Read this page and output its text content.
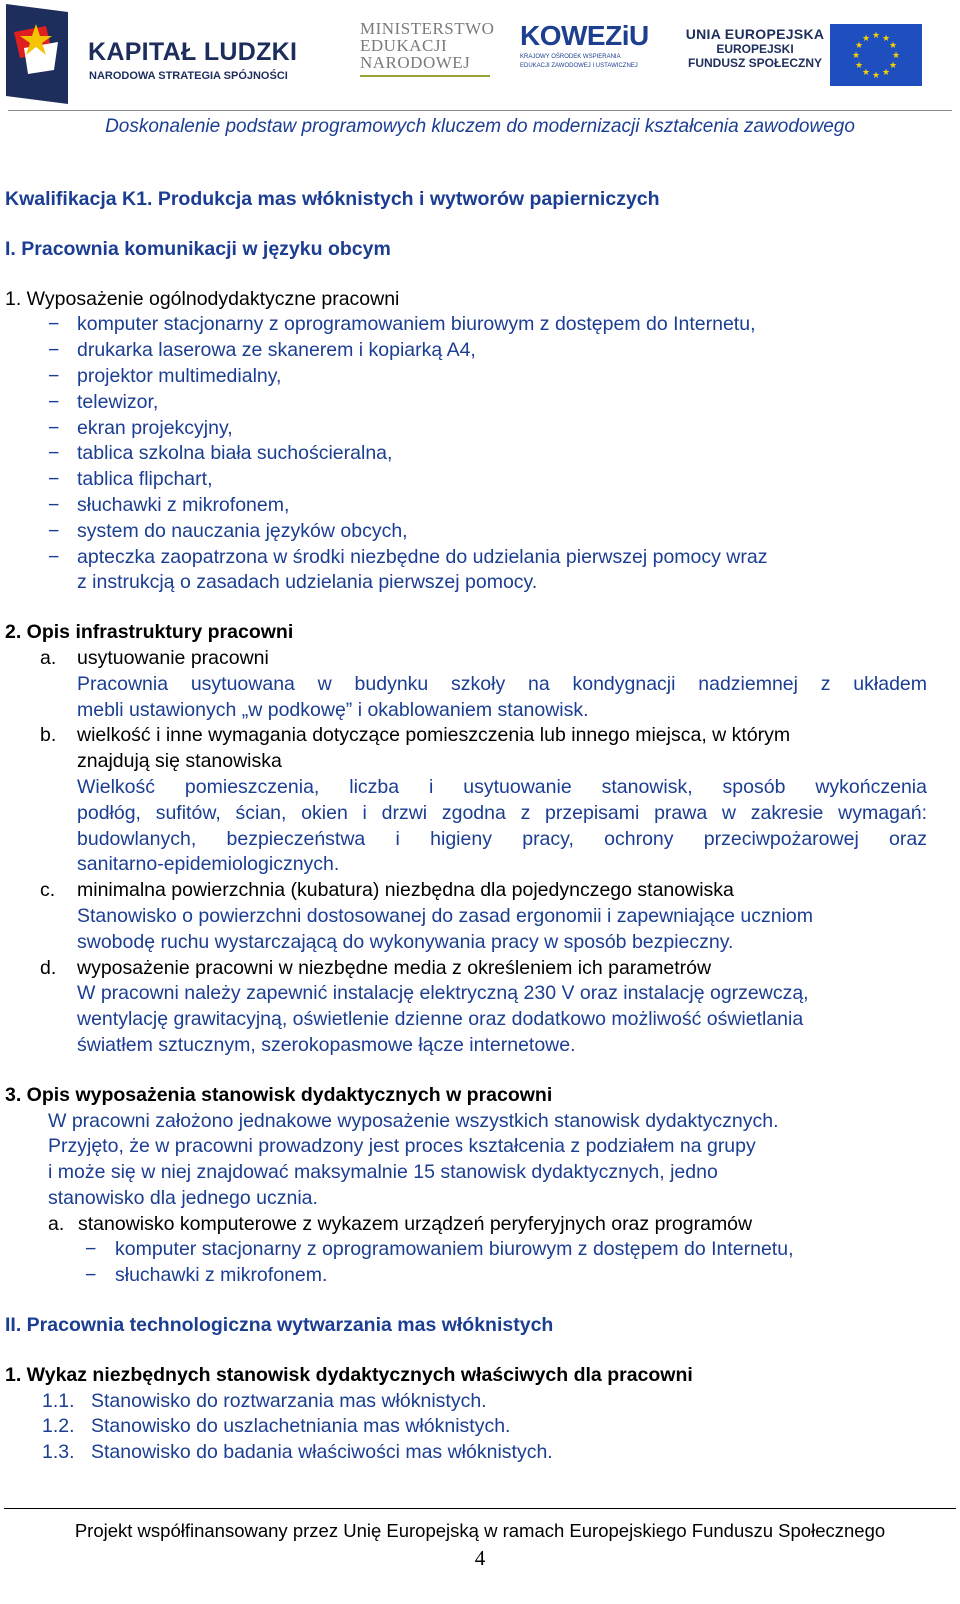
KAPITAŁ LUDZKI
NARODOWA STRATEGIA SPÓJNOŚCI
MINISTERSTWO
EDUKACJI
NARODOWEJ
KOWEZiU
KRAJOWY OŚRODEK WSPIERANIA
EDUKACJI ZAWODOWEJ I USTAWICZNEJ
UNIA EUROPEJSKA
EUROPEJSKI
FUNDUSZ SPOŁECZNY
★ ★
★
★
★
★
★
★
★
★
★
★
Doskonalenie podstaw programowych kluczem do modernizacji kształcenia zawodowego
Kwalifikacja K1. Produkcja mas włóknistych i wytworów papierniczych
I. Pracownia komunikacji w języku obcym
1. Wyposażenie ogólnodydaktyczne pracowni
− komputer stacjonarny z oprogramowaniem biurowym z dostępem do Internetu,
− drukarka laserowa ze skanerem i kopiarką A4,
− projektor multimedialny,
− telewizor,
− ekran projekcyjny,
− tablica szkolna biała suchościeralna,
− tablica flipchart,
− słuchawki z mikrofonem,
− system do nauczania języków obcych,
− apteczka zaopatrzona w środki niezbędne do udzielania pierwszej pomocy wraz
z instrukcją o zasadach udzielania pierwszej pomocy.
2. Opis infrastruktury pracowni
a. usytuowanie pracowni
Pracownia usytuowana w budynku szkoły na kondygnacji nadziemnej z układem
mebli ustawionych „w podkowę” i okablowaniem stanowisk.
b. wielkość i inne wymagania dotyczące pomieszczenia lub innego miejsca, w którym
znajdują się stanowiska
Wielkość pomieszczenia, liczba i usytuowanie stanowisk, sposób wykończenia
podłóg, sufitów, ścian, okien i drzwi zgodna z przepisami prawa w zakresie wymagań:
budowlanych, bezpieczeństwa i higieny pracy, ochrony przeciwpożarowej oraz
sanitarno-epidemiologicznych.
c. minimalna powierzchnia (kubatura) niezbędna dla pojedynczego stanowiska
Stanowisko o powierzchni dostosowanej do zasad ergonomii i zapewniające uczniom
swobodę ruchu wystarczającą do wykonywania pracy w sposób bezpieczny.
d. wyposażenie pracowni w niezbędne media z określeniem ich parametrów
W pracowni należy zapewnić instalację elektryczną 230 V oraz instalację ogrzewczą,
wentylację grawitacyjną, oświetlenie dzienne oraz dodatkowo możliwość oświetlania
światłem sztucznym, szerokopasmowe łącze internetowe.
3. Opis wyposażenia stanowisk dydaktycznych w pracowni
W pracowni założono jednakowe wyposażenie wszystkich stanowisk dydaktycznych.
Przyjęto, że w pracowni prowadzony jest proces kształcenia z podziałem na grupy
i może się w niej znajdować maksymalnie 15 stanowisk dydaktycznych, jedno
stanowisko dla jednego ucznia.
a. stanowisko komputerowe z wykazem urządzeń peryferyjnych oraz programów
− komputer stacjonarny z oprogramowaniem biurowym z dostępem do Internetu,
− słuchawki z mikrofonem.
II. Pracownia technologiczna wytwarzania mas włóknistych
1. Wykaz niezbędnych stanowisk dydaktycznych właściwych dla pracowni
1.1. Stanowisko do roztwarzania mas włóknistych.
1.2. Stanowisko do uszlachetniania mas włóknistych.
1.3. Stanowisko do badania właściwości mas włóknistych.
Projekt współfinansowany przez Unię Europejską w ramach Europejskiego Funduszu Społecznego
4
